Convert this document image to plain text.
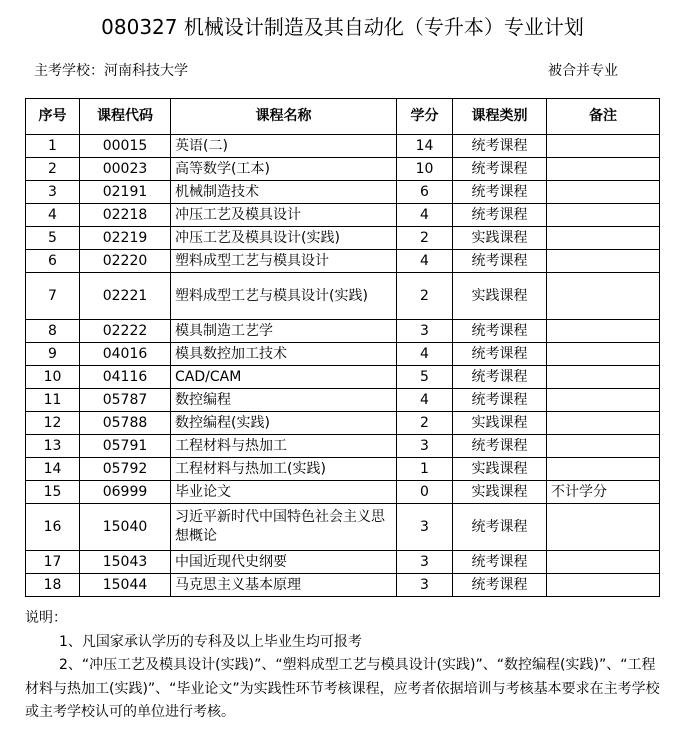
080327 机械设计制造及其自动化（专升本）专业计划
主考学校：河南科技大学	被合并专业
序号	课程代码	课程名称	学分	课程类别	备注
1	00015	英语(二)	14	统考课程	
2	00023	高等数学(工本)	10	统考课程	
3	02191	机械制造技术	6	统考课程	
4	02218	冲压工艺及模具设计	4	统考课程	
5	02219	冲压工艺及模具设计(实践)	2	实践课程	
6	02220	塑料成型工艺与模具设计	4	统考课程	
7	02221	塑料成型工艺与模具设计(实践)	2	实践课程	
8	02222	模具制造工艺学	3	统考课程	
9	04016	模具数控加工技术	4	统考课程	
10	04116	CAD/CAM	5	统考课程	
11	05787	数控编程	4	统考课程	
12	05788	数控编程(实践)	2	实践课程	
13	05791	工程材料与热加工	3	统考课程	
14	05792	工程材料与热加工(实践)	1	实践课程	
15	06999	毕业论文	0	实践课程	不计学分
16	15040	习近平新时代中国特色社会主义思想概论	3	统考课程	
17	15043	中国近现代史纲要	3	统考课程	
18	15044	马克思主义基本原理	3	统考课程	

说明：

1、凡国家承认学历的专科及以上毕业生均可报考

2、“冲压工艺及模具设计(实践)”、“塑料成型工艺与模具设计(实践)”、“数控编程(实践)”、“工程材料与热加工(实践)”、“毕业论文”为实践性环节考核课程，应考者依据培训与考核基本要求在主考学校或主考学校认可的单位进行考核。
